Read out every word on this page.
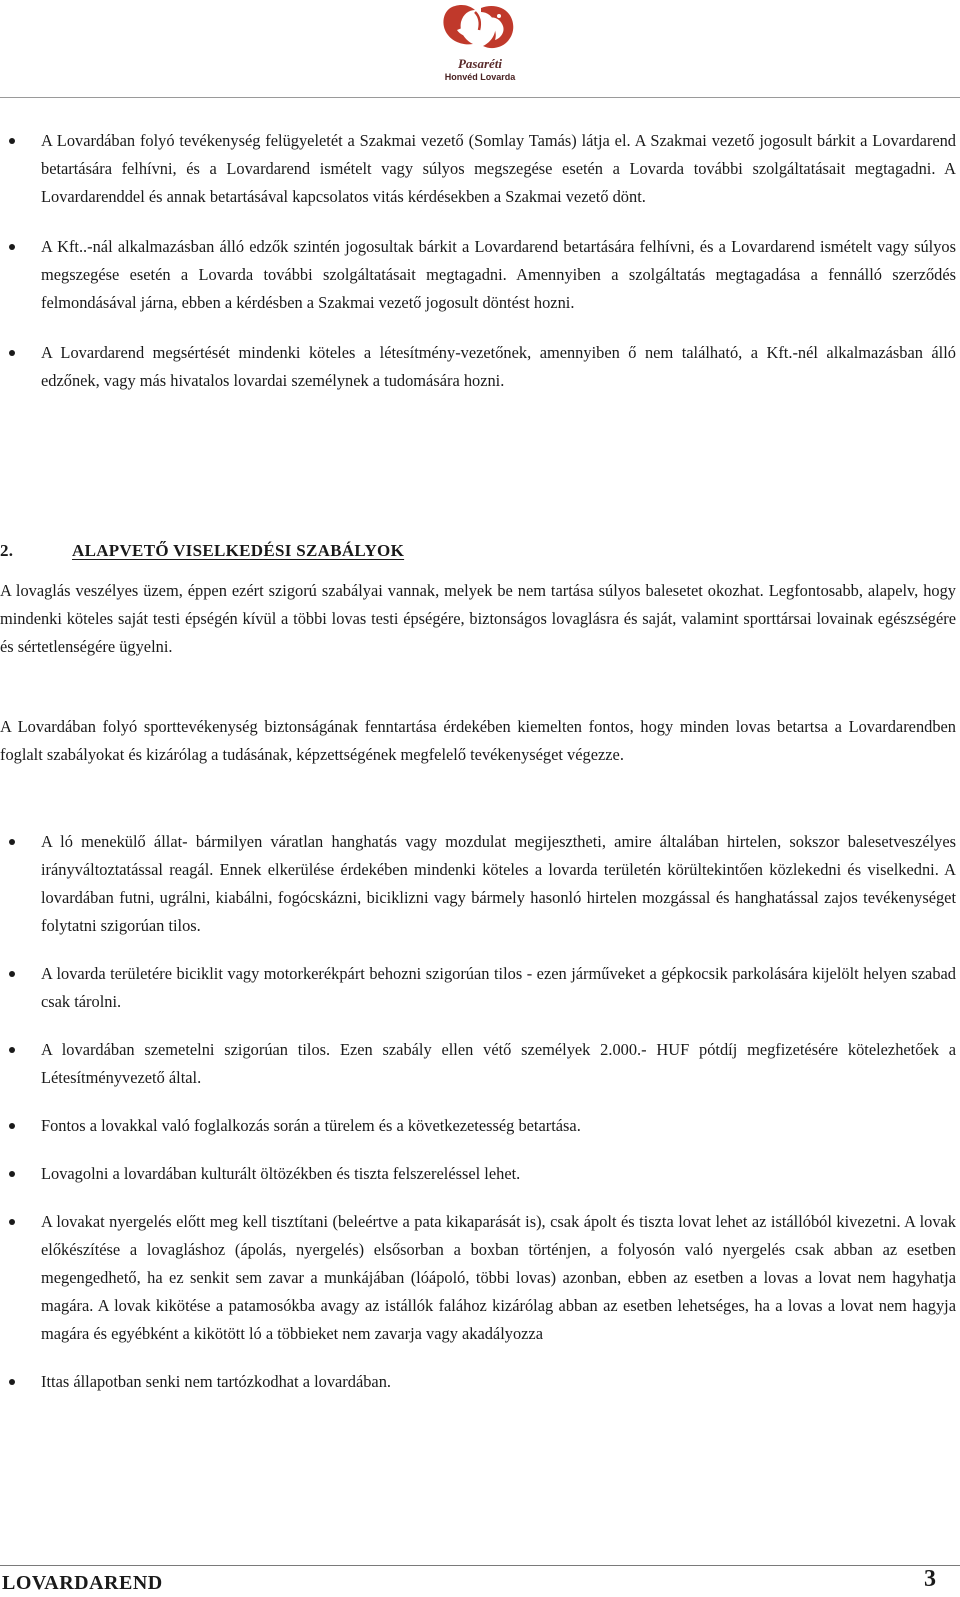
Pasaréti
Honvéd Lovarda
A Lovardában folyó tevékenység felügyeletét a Szakmai vezető (Somlay Tamás) látja el. A Szakmai vezető jogosult bárkit a Lovardarend betartására felhívni, és a Lovardarend ismételt vagy súlyos megszegése esetén a Lovarda további szolgáltatásait megtagadni. A Lovardarenddel és annak betartásával kapcsolatos vitás kérdésekben a Szakmai vezető dönt.
A Kft..-nál alkalmazásban álló edzők szintén jogosultak bárkit a Lovardarend betartására felhívni, és a Lovardarend ismételt vagy súlyos megszegése esetén a Lovarda további szolgáltatásait megtagadni. Amennyiben a szolgáltatás megtagadása a fennálló szerződés felmondásával járna, ebben a kérdésben a Szakmai vezető jogosult döntést hozni.
A Lovardarend megsértését mindenki köteles a létesítmény-vezetőnek, amennyiben ő nem található, a Kft.-nél alkalmazásban álló edzőnek, vagy más hivatalos lovardai személynek a tudomására hozni.
2.	ALAPVETŐ VISELKEDÉSI SZABÁLYOK

A lovaglás veszélyes üzem, éppen ezért szigorú szabályai vannak, melyek be nem tartása súlyos balesetet okozhat. Legfontosabb, alapelv, hogy mindenki köteles saját testi épségén kívül a többi lovas testi épségére, biztonságos lovaglásra és saját, valamint sporttársai lovainak egészségére és sértetlenségére ügyelni.

A Lovardában folyó sporttevékenység biztonságának fenntartása érdekében kiemelten fontos, hogy minden lovas betartsa a Lovardarendben foglalt szabályokat és kizárólag a tudásának, képzettségének megfelelő tevékenységet végezze.

A ló menekülő állat- bármilyen váratlan hanghatás vagy mozdulat megijesztheti, amire általában hirtelen, sokszor balesetveszélyes irányváltoztatással reagál. Ennek elkerülése érdekében mindenki köteles a lovarda területén körültekintően közlekedni és viselkedni. A lovardában futni, ugrálni, kiabálni, fogócskázni, biciklizni vagy bármely hasonló hirtelen mozgással és hanghatással zajos tevékenységet folytatni szigorúan tilos.
A lovarda területére biciklit vagy motorkerékpárt behozni szigorúan tilos - ezen járműveket a gépkocsik parkolására kijelölt helyen szabad csak tárolni.
A lovardában szemetelni szigorúan tilos. Ezen szabály ellen vétő személyek 2.000.- HUF pótdíj megfizetésére kötelezhetőek a Létesítményvezető által.
Fontos a lovakkal való foglalkozás során a türelem és a következetesség betartása.
Lovagolni a lovardában kulturált öltözékben és tiszta felszereléssel lehet.
A lovakat nyergelés előtt meg kell tisztítani (beleértve a pata kikaparását is), csak ápolt és tiszta lovat lehet az istállóból kivezetni. A lovak előkészítése a lovagláshoz (ápolás, nyergelés) elsősorban a boxban történjen, a folyosón való nyergelés csak abban az esetben megengedhető, ha ez senkit sem zavar a munkájában (lóápoló, többi lovas) azonban, ebben az esetben a lovas a lovat nem hagyhatja magára. A lovak kikötése a patamosókba avagy az istállók falához kizárólag abban az esetben lehetséges, ha a lovas a lovat nem hagyja magára és egyébként a kikötött ló a többieket nem zavarja vagy akadályozza
Ittas állapotban senki nem tartózkodhat a lovardában.
LOVARDAREND	3
